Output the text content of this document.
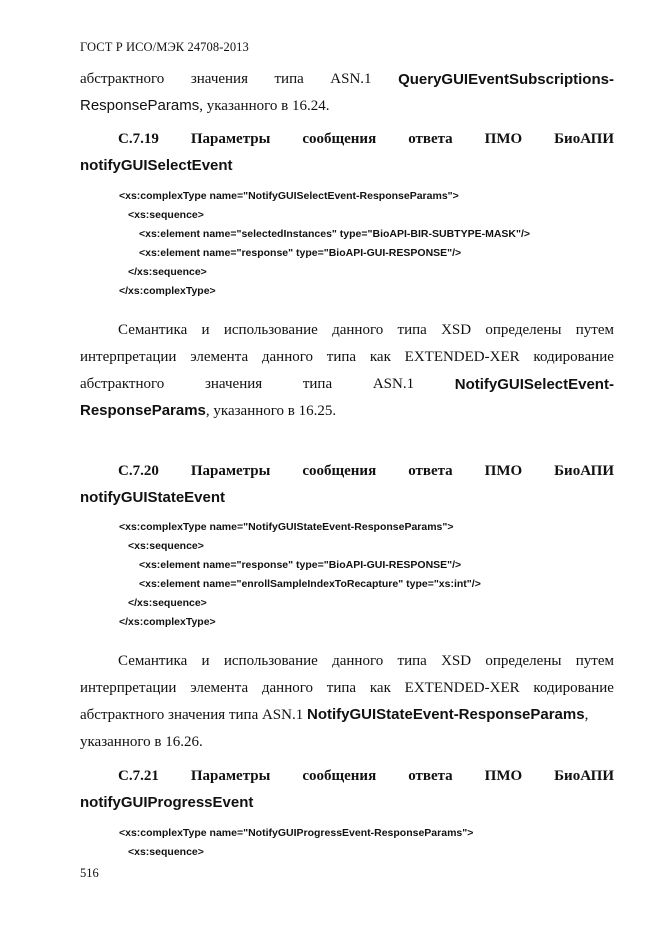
ГОСТ Р ИСО/МЭК 24708-2013
абстрактного значения типа ASN.1 QueryGUIEventSubscriptions-
ResponseParams, указанного в 16.24.
С.7.19 Параметры сообщения ответа ПМО БиоАПИ
notifyGUISelectEvent
<xs:complexType name="NotifyGUISelectEvent-ResponseParams">
<xs:sequence>
<xs:element name="selectedInstances" type="BioAPI-BIR-SUBTYPE-MASK"/>
<xs:element name="response" type="BioAPI-GUI-RESPONSE"/>
</xs:sequence>
</xs:complexType>
Семантика и использование данного типа XSD определены путем
интерпретации элемента данного типа как EXTENDED-XER кодирование
абстрактного	значения	типа	ASN.1	NotifyGUISelectEvent-
ResponseParams, указанного в 16.25.
С.7.20 Параметры сообщения ответа ПМО БиоАПИ
notifyGUIStateEvent
<xs:complexType name="NotifyGUIStateEvent-ResponseParams">
<xs:sequence>
<xs:element name="response" type="BioAPI-GUI-RESPONSE"/>
<xs:element name="enrollSampleIndexToRecapture" type="xs:int"/>
</xs:sequence>
</xs:complexType>
Семантика и использование данного типа XSD определены путем
интерпретации элемента данного типа как EXTENDED-XER кодирование
абстрактного значения типа ASN.1 NotifyGUIStateEvent-ResponseParams,
указанного в 16.26.
С.7.21 Параметры сообщения ответа ПМО БиоАПИ
notifyGUIProgressEvent
<xs:complexType name="NotifyGUIProgressEvent-ResponseParams">
<xs:sequence>
516
